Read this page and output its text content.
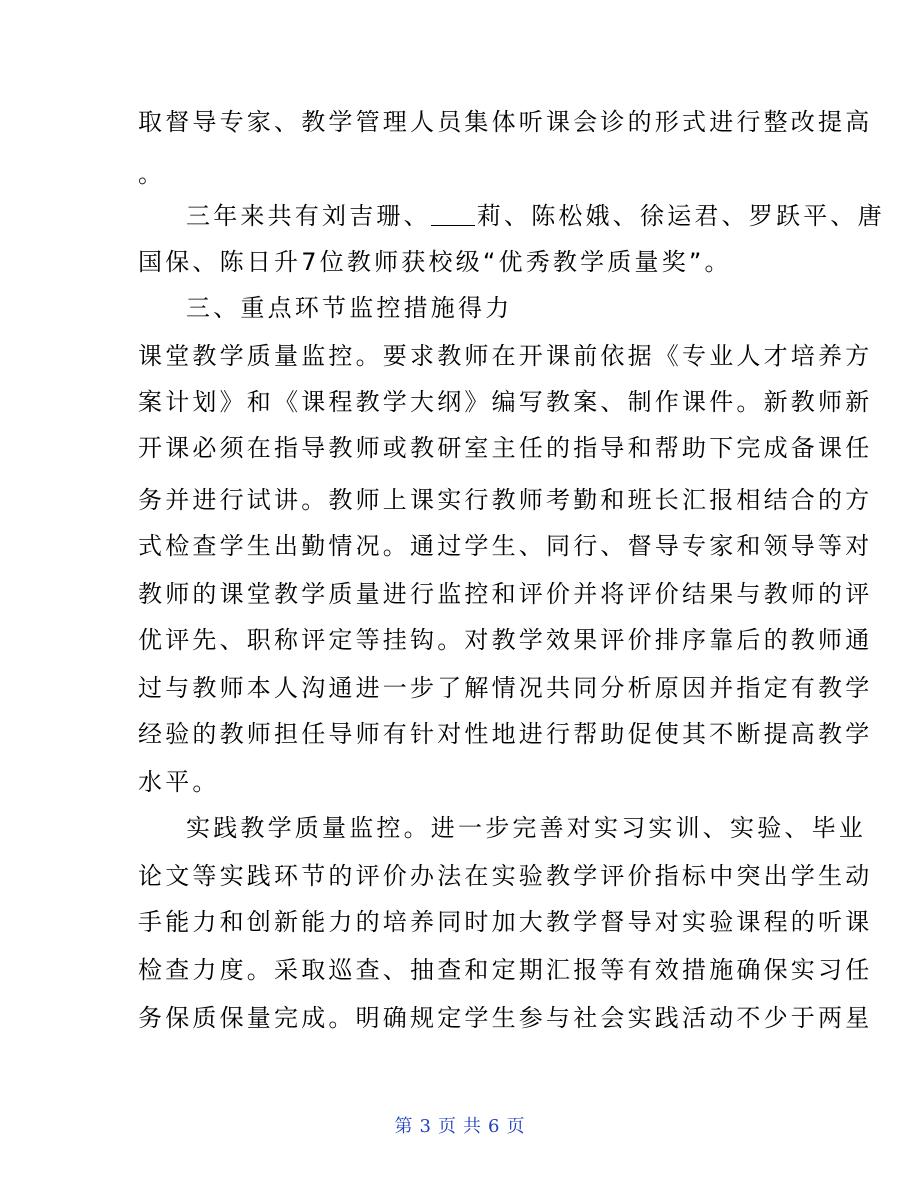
取督导专家、教学管理人员集体听课会诊的形式进行整改提高
。
三年来共有刘吉珊、 莉、陈松娥、徐运君、罗跃平、唐
国保、陈日升7位教师获校级“优秀教学质量奖”。
三、重点环节监控措施得力
课堂教学质量监控。要求教师在开课前依据《专业人才培养方
案计划》和《课程教学大纲》编写教案、制作课件。新教师新
开课必须在指导教师或教研室主任的指导和帮助下完成备课任
务并进行试讲。教师上课实行教师考勤和班长汇报相结合的方
式检查学生出勤情况。通过学生、同行、督导专家和领导等对
教师的课堂教学质量进行监控和评价并将评价结果与教师的评
优评先、职称评定等挂钩。对教学效果评价排序靠后的教师通
过与教师本人沟通进一步了解情况共同分析原因并指定有教学
经验的教师担任导师有针对性地进行帮助促使其不断提高教学
水平。
实践教学质量监控。进一步完善对实习实训、实验、毕业
论文等实践环节的评价办法在实验教学评价指标中突出学生动
手能力和创新能力的培养同时加大教学督导对实验课程的听课
检查力度。采取巡查、抽查和定期汇报等有效措施确保实习任
务保质保量完成。明确规定学生参与社会实践活动不少于两星
第 3 页 共 6 页
